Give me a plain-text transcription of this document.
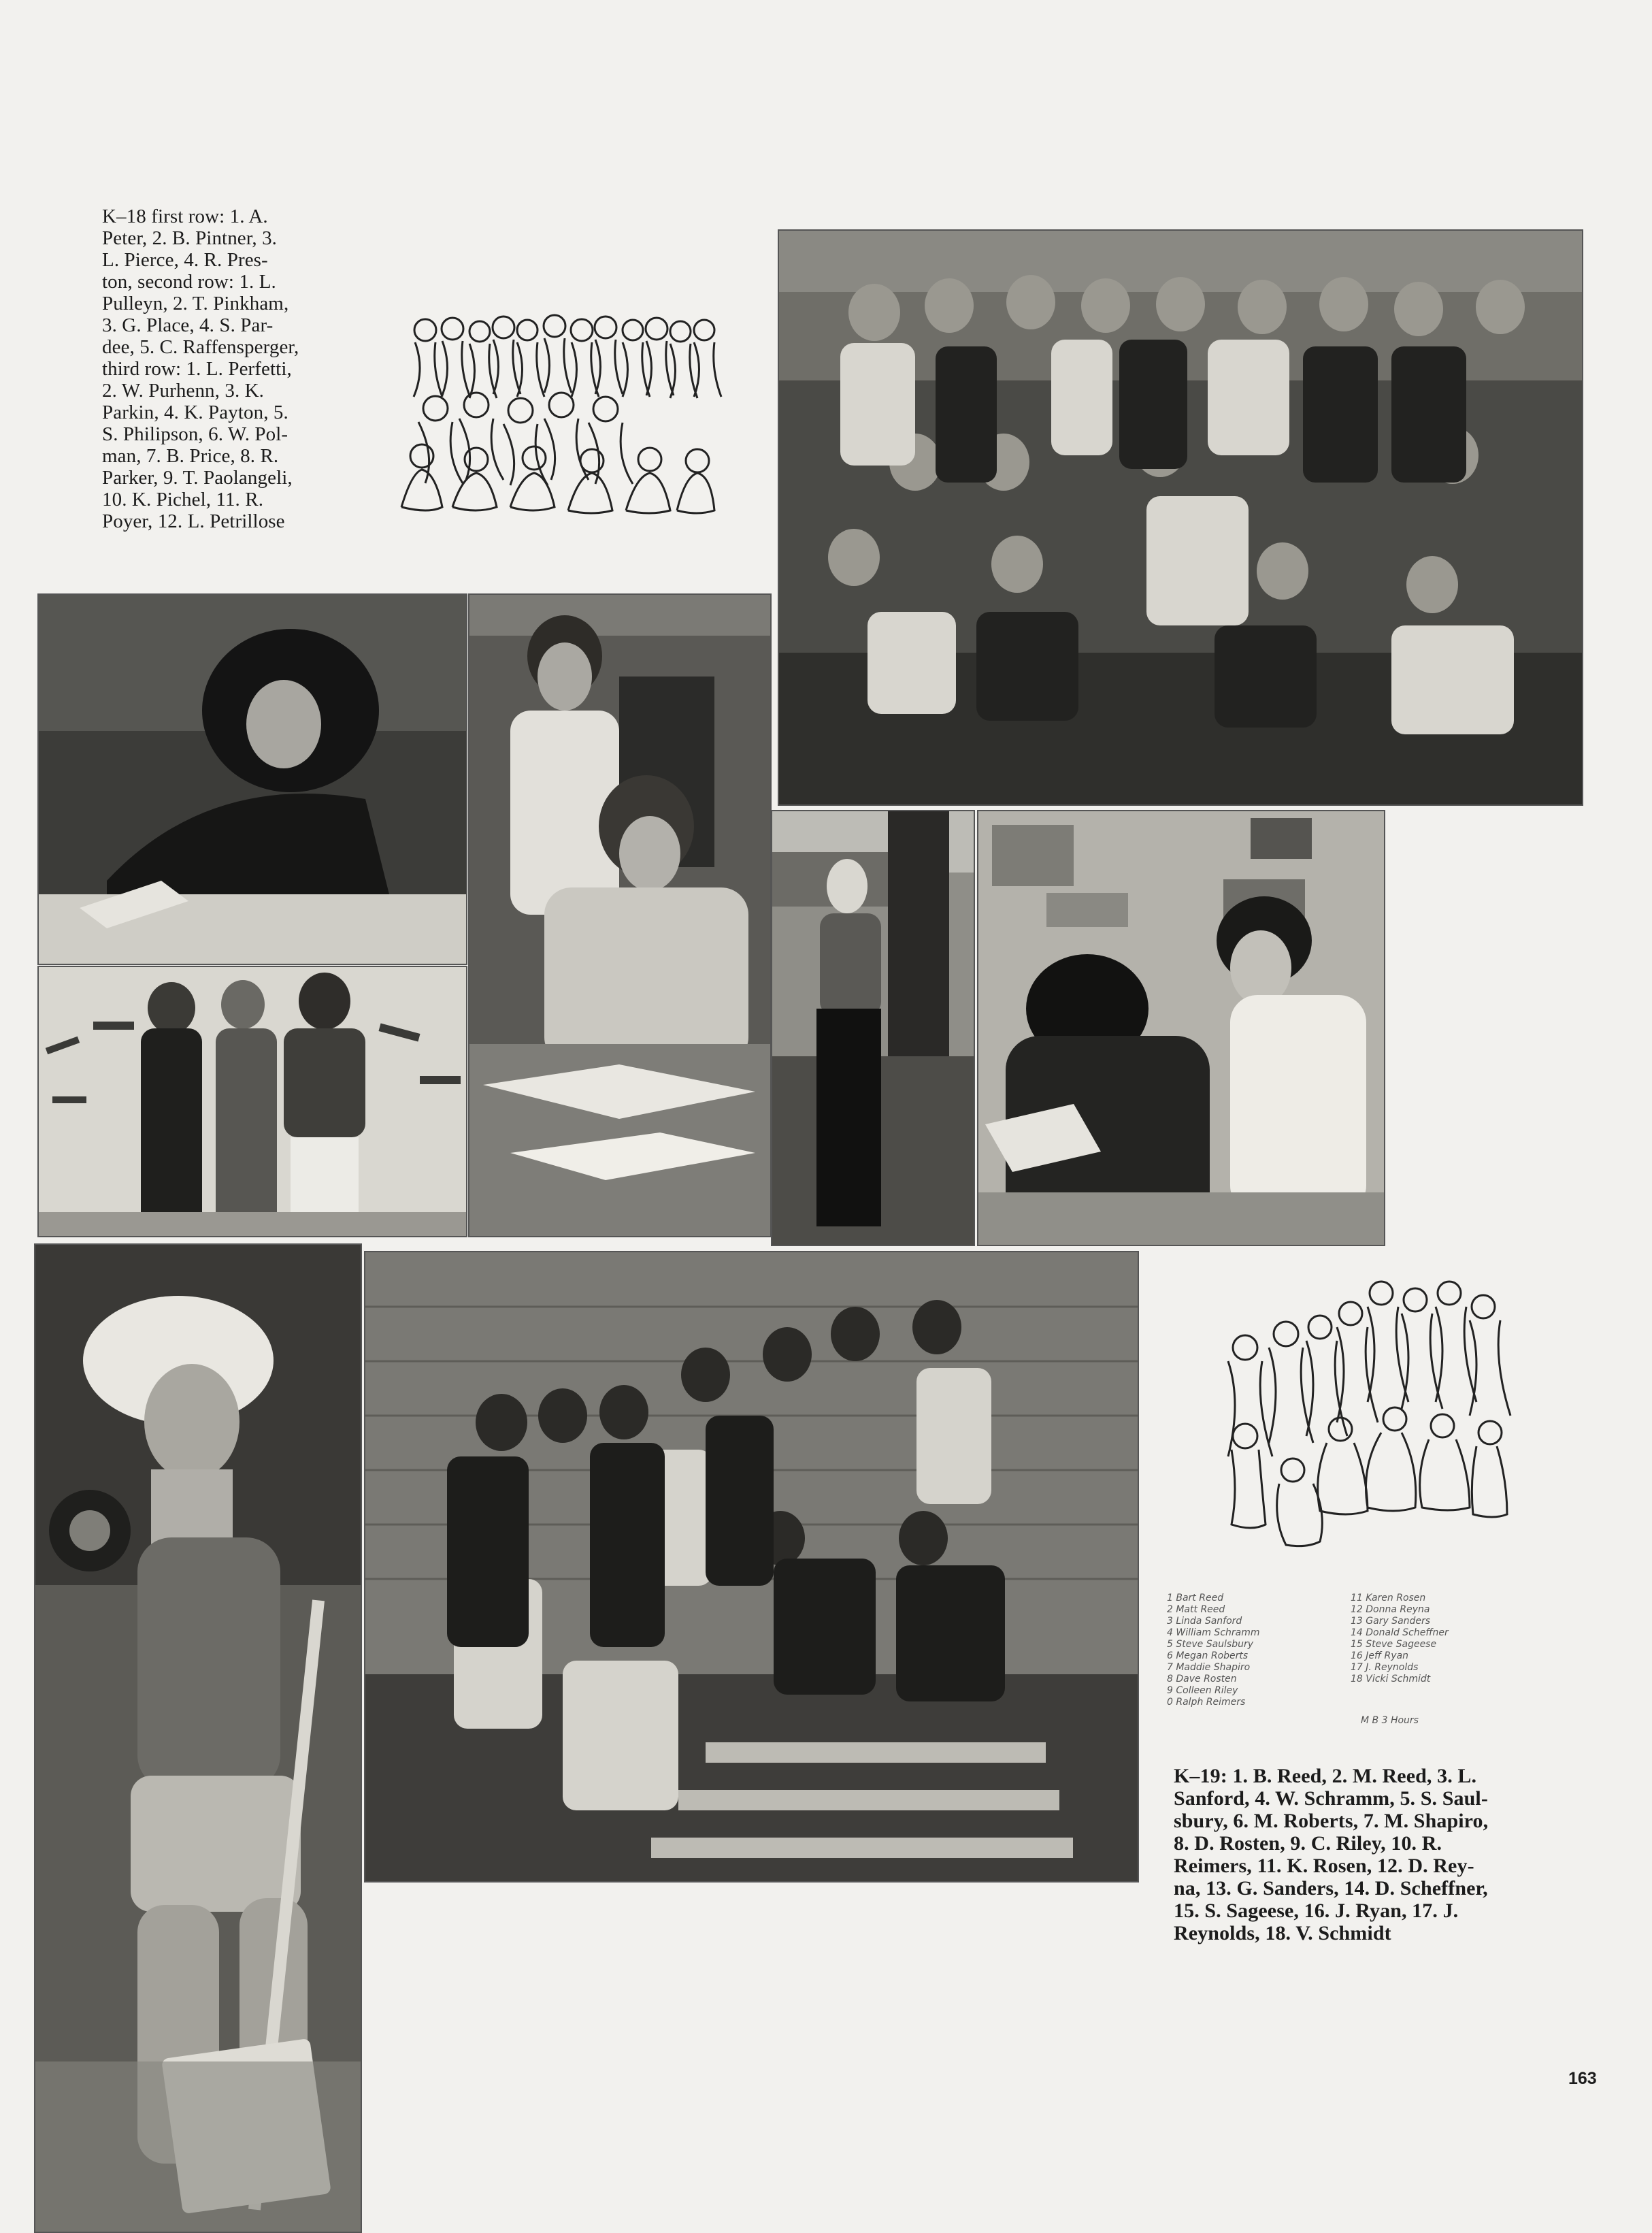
K–18 first row: 1. A.
Peter, 2. B. Pintner, 3.
L. Pierce, 4. R. Pres-
ton, second row: 1. L.
Pulleyn, 2. T. Pinkham,
3. G. Place, 4. S. Par-
dee, 5. C. Raffensperger,
third row: 1. L. Perfetti,
2. W. Purhenn, 3. K.
Parkin, 4. K. Payton, 5.
S. Philipson, 6. W. Pol-
man, 7. B. Price, 8. R.
Parker, 9. T. Paolangeli,
10. K. Pichel, 11. R.
Poyer, 12. L. Petrillose
1 Bart Reed
2 Matt Reed
3 Linda Sanford
4 William Schramm
5 Steve Saulsbury
6 Megan Roberts
7 Maddie Shapiro
8 Dave Rosten
9 Colleen Riley
0 Ralph Reimers
11 Karen Rosen
12 Donna Reyna
13 Gary Sanders
14 Donald Scheffner
15 Steve Sageese
16 Jeff Ryan
17 J. Reynolds
18 Vicki Schmidt
M B 3 Hours
K–19: 1. B. Reed, 2. M. Reed, 3. L.
Sanford, 4. W. Schramm, 5. S. Saul-
sbury, 6. M. Roberts, 7. M. Shapiro,
8. D. Rosten, 9. C. Riley, 10. R.
Reimers, 11. K. Rosen, 12. D. Rey-
na, 13. G. Sanders, 14. D. Scheffner,
15. S. Sageese, 16. J. Ryan, 17. J.
Reynolds, 18. V. Schmidt
163
